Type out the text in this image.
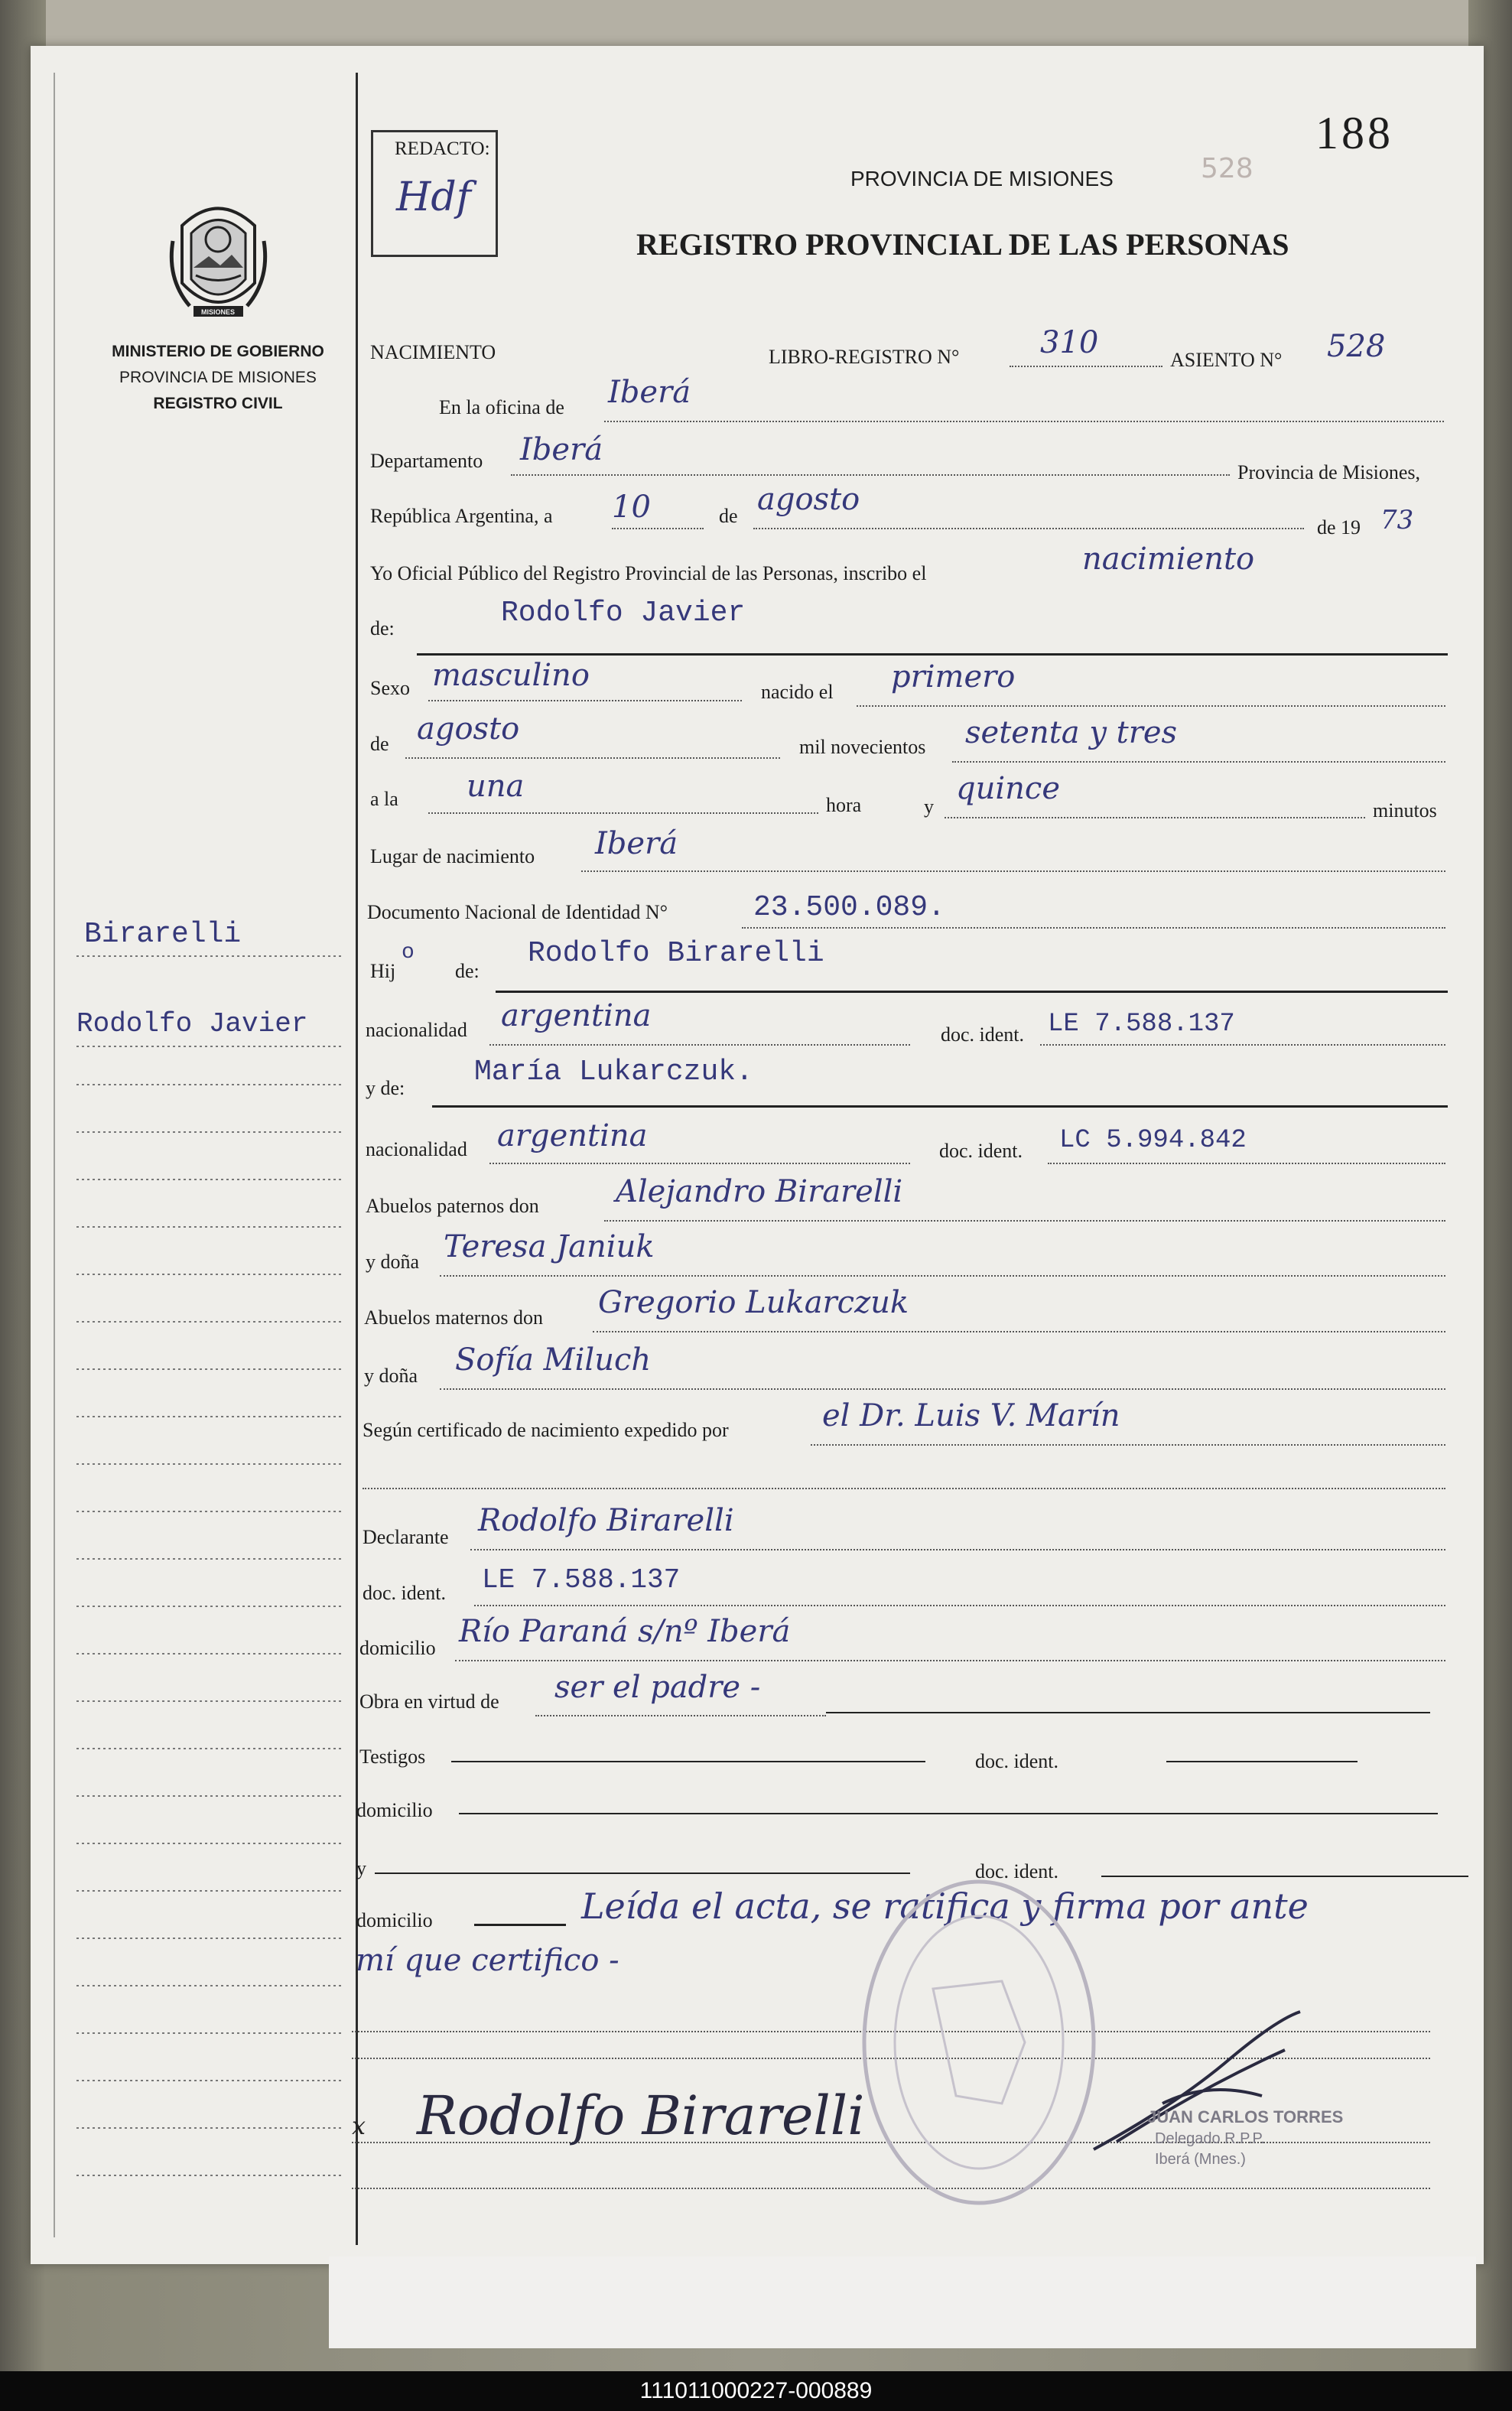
188
528
REDACTO:
Hdf	PROVINCIA DE MISIONES
REGISTRO PROVINCIAL DE LAS PERSONAS
MISIONES
MINISTERIO DE GOBIERNO
PROVINCIA DE MISIONES
REGISTRO CIVIL
Birarelli
Rodolfo Javier
NACIMIENTO	LIBRO-REGISTRO N°	310	ASIENTO N° 528
En la oficina de Iberá
Departamento Iberá
Provincia de Misiones,
República Argentina, a 10	de agosto
de 19 73
Yo Oficial Público del Registro Provincial de las Personas, inscribo el	nacimiento
de:	Rodolfo Javier
Sexo masculino	nacido el primero
de agosto
mil novecientos setenta y tres
a la una
hora	y
quince
minutos
Lugar de nacimiento Iberá
Documento Nacional de Identidad N°	23.500.089.
Hij
o
de:
Rodolfo Birarelli
nacionalidad argentina
doc. ident. LE 7.588.137
y de: María Lukarczuk.
nacionalidad argentina	doc. ident. LC 5.994.842
Abuelos paternos don	Alejandro Birarelli
y doña Teresa Janiuk
Abuelos maternos don Gregorio Lukarczuk
y doña Sofía Miluch
Según certificado de nacimiento expedido por	el Dr. Luis V. Marín
Declarante Rodolfo Birarelli
doc. ident. LE 7.588.137
domicilio Río Paraná s/nº Iberá
Obra en virtud de ser el padre -
Testigos	doc. ident.
domicilio
y	doc. ident.
domicilio	Leída el acta, se ratifica y firma por ante
mí que certifico -
x Rodolfo Birarelli	JUAN CARLOS TORRES
Delegado R.P.P.
Iberá (Mnes.)
111011000227-000889
